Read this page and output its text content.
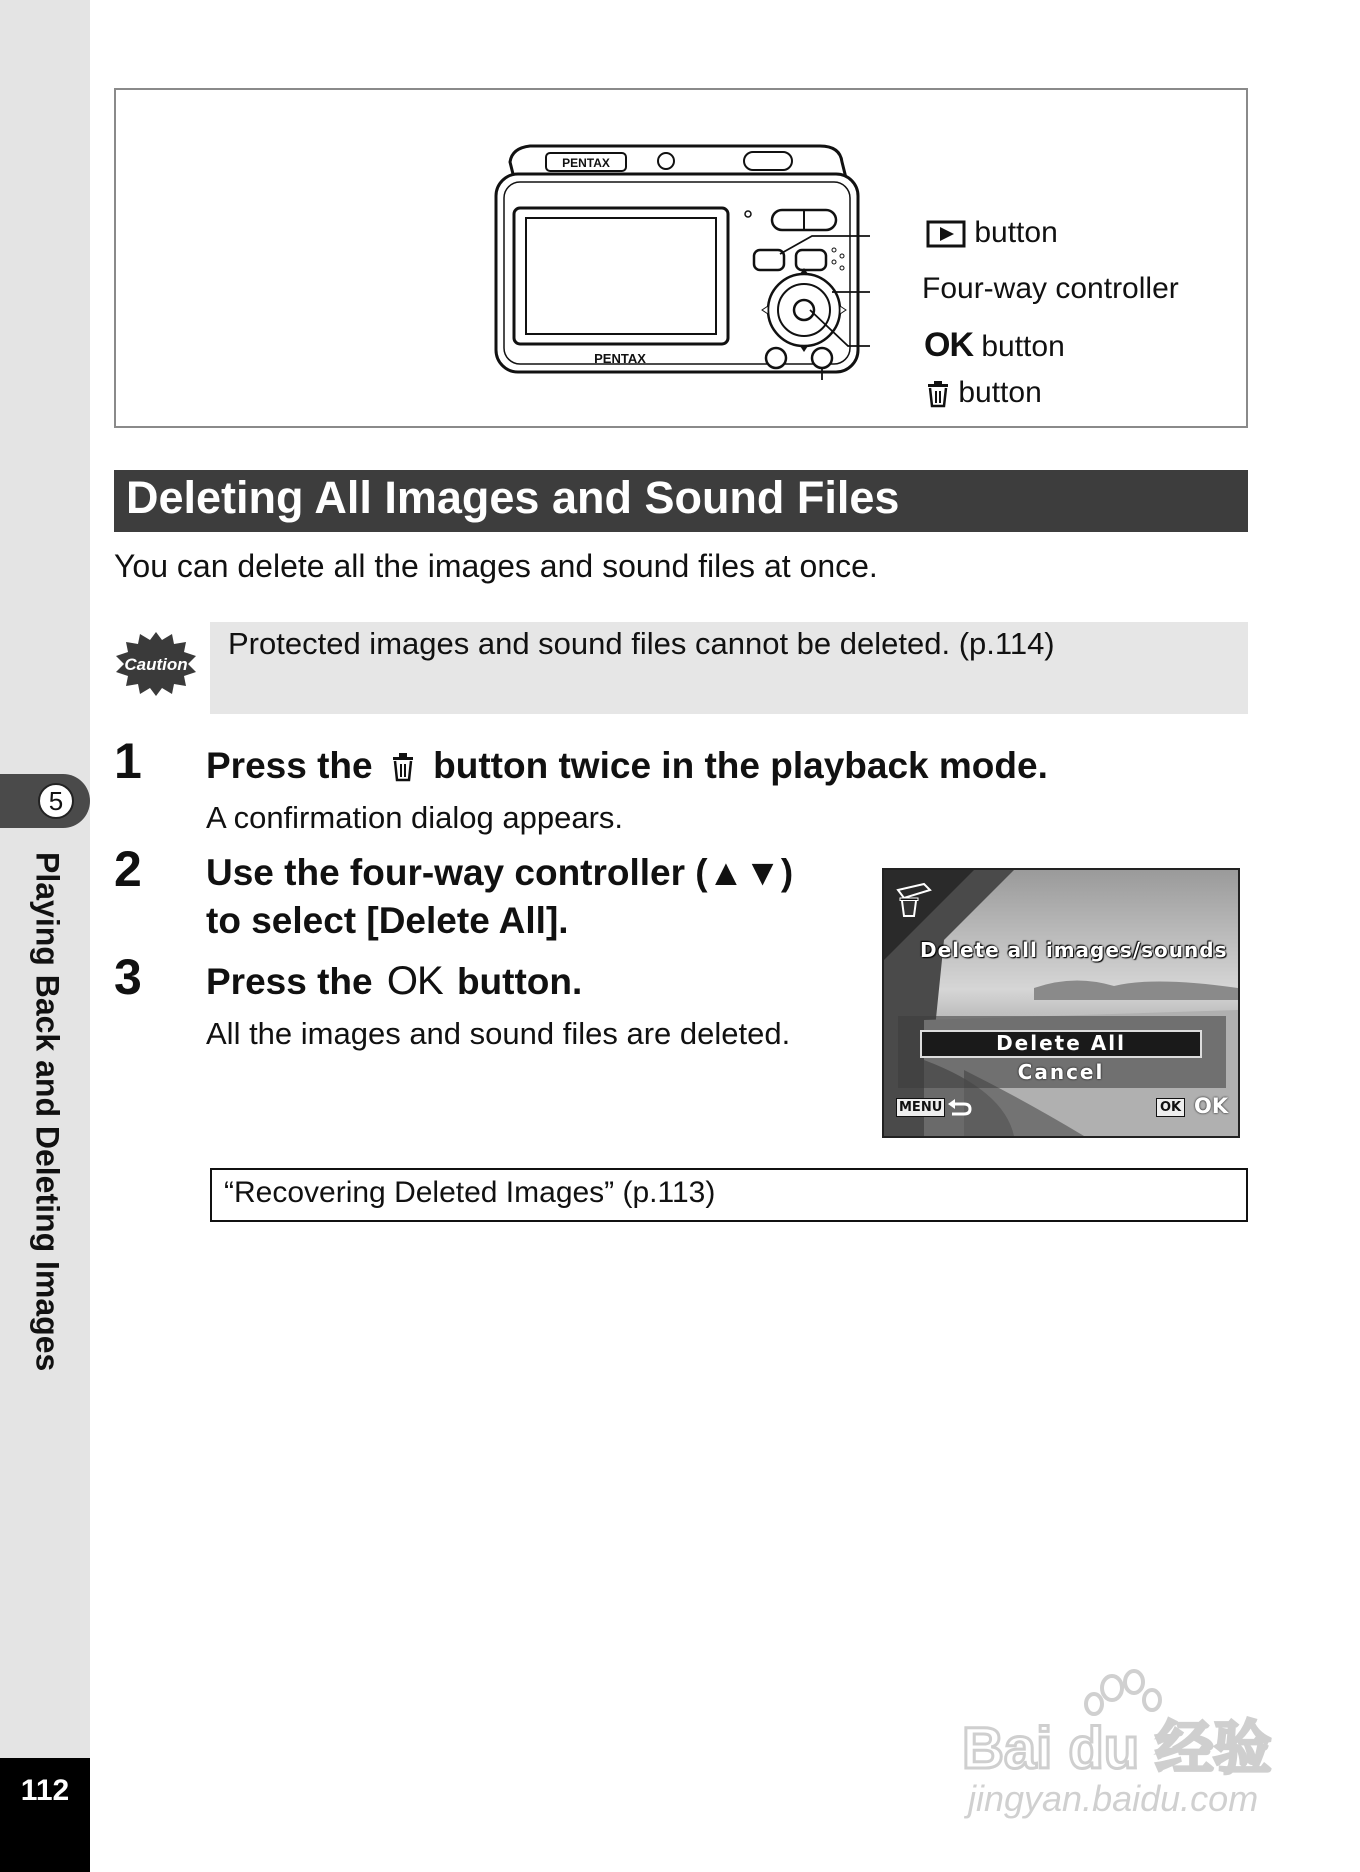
5
Playing Back and Deleting Images
112
PENTAX
PENTAX
button
Four-way controller
OK button
button
Deleting All Images and Sound Files
You can delete all the images and sound files at once.
Caution
Protected images and sound files cannot be deleted. (p.114)
1 Press the button twice in the playback mode.
A confirmation dialog appears.
2 Use the four-way controller (▲▼)
to select [Delete All].
3 Press the OK button.
All the images and sound files are deleted.
Delete all images/sounds
Delete All
Cancel
MENU	OK OK
“Recovering Deleted Images” (p.113)
Bai du 经验
jingyan.baidu.com
